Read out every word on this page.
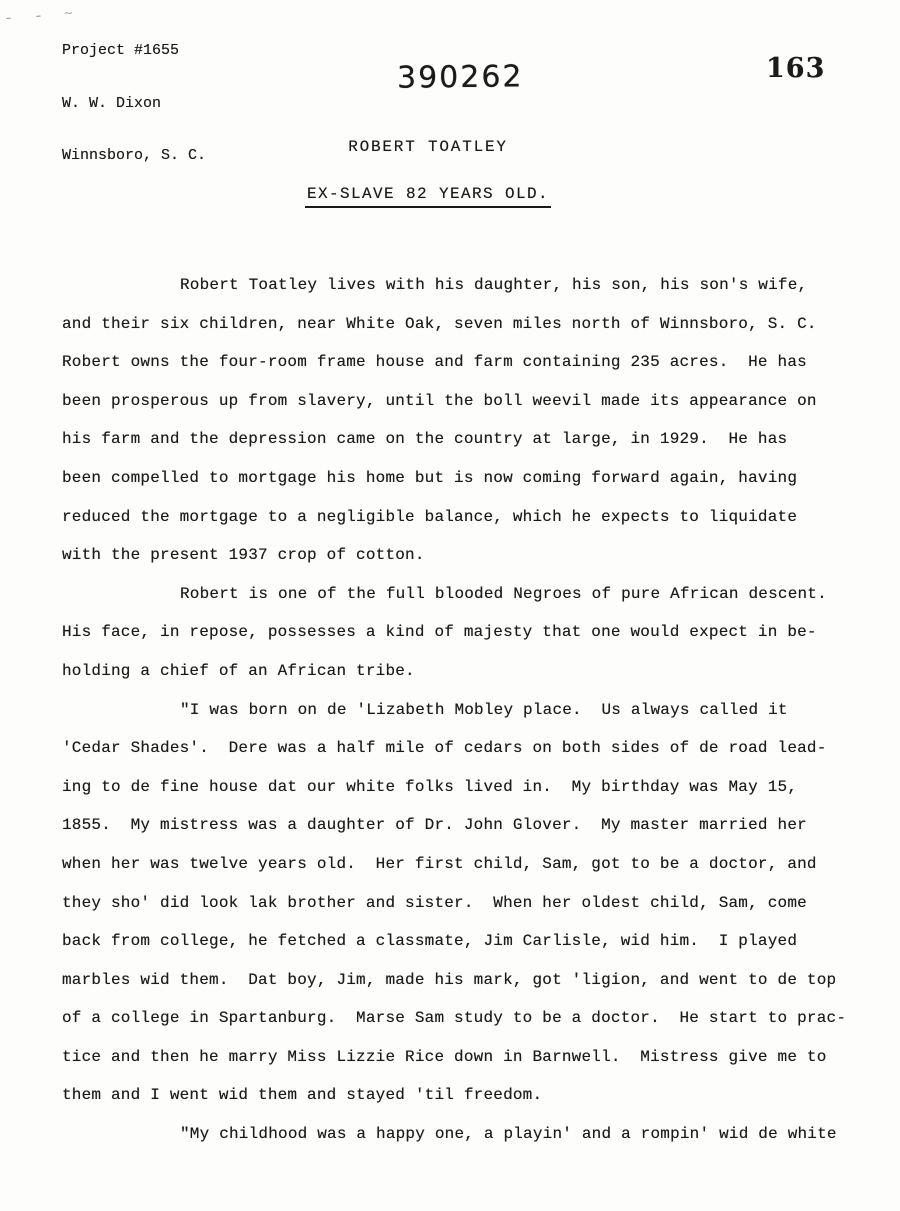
- - ~

Project #1655

W. W. Dixon

Winnsboro, S. C.

390262	163
ROBERT TOATLEY
EX-SLAVE 82 YEARS OLD.
Robert Toatley lives with his daughter, his son, his son's wife,
and their six children, near White Oak, seven miles north of Winnsboro, S. C.
Robert owns the four-room frame house and farm containing 235 acres.  He has
been prosperous up from slavery, until the boll weevil made its appearance on
his farm and the depression came on the country at large, in 1929.  He has
been compelled to mortgage his home but is now coming forward again, having
reduced the mortgage to a negligible balance, which he expects to liquidate
with the present 1937 crop of cotton.
Robert is one of the full blooded Negroes of pure African descent.
His face, in repose, possesses a kind of majesty that one would expect in be-
holding a chief of an African tribe.
"I was born on de 'Lizabeth Mobley place.  Us always called it
'Cedar Shades'.  Dere was a half mile of cedars on both sides of de road lead-
ing to de fine house dat our white folks lived in.  My birthday was May 15,
1855.  My mistress was a daughter of Dr. John Glover.  My master married her
when her was twelve years old.  Her first child, Sam, got to be a doctor, and
they sho' did look lak brother and sister.  When her oldest child, Sam, come
back from college, he fetched a classmate, Jim Carlisle, wid him.  I played
marbles wid them.  Dat boy, Jim, made his mark, got 'ligion, and went to de top
of a college in Spartanburg.  Marse Sam study to be a doctor.  He start to prac-
tice and then he marry Miss Lizzie Rice down in Barnwell.  Mistress give me to
them and I went wid them and stayed 'til freedom.
"My childhood was a happy one, a playin' and a rompin' wid de white
